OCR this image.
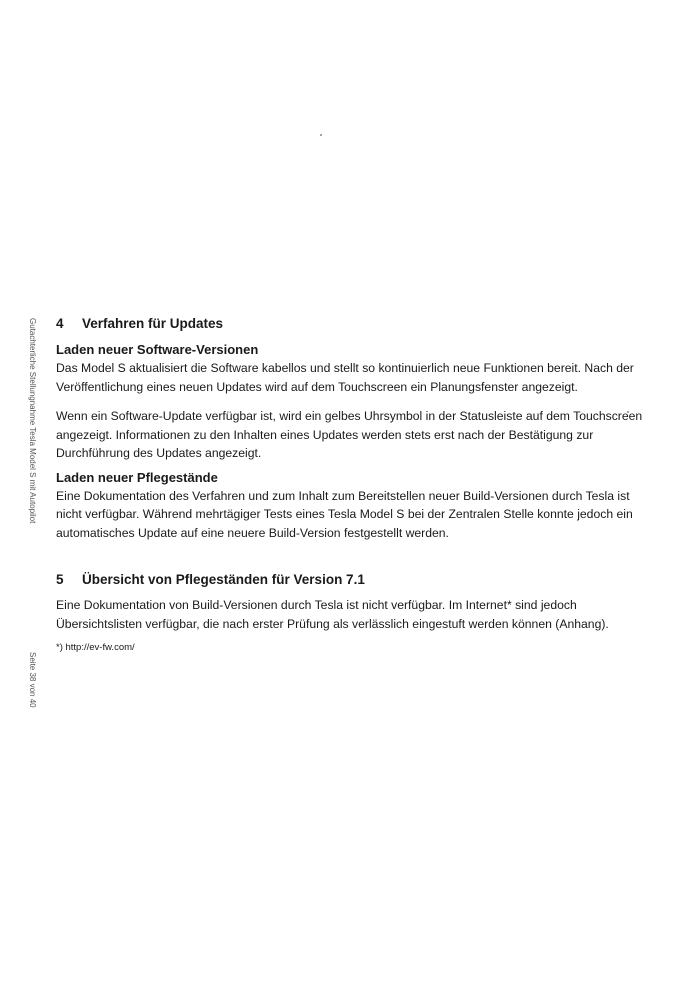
Gutachterliche Stellungnahme Tesla Model S mit Autopilot
Seite 38 von 40
4	Verfahren für Updates
Laden neuer Software-Versionen

Das Model S aktualisiert die Software kabellos und stellt so kontinuierlich neue Funktionen bereit. Nach der Veröffentlichung eines neuen Updates wird auf dem Touchscreen ein Planungsfenster angezeigt.

Wenn ein Software-Update verfügbar ist, wird ein gelbes Uhrsymbol in der Statusleiste auf dem Touchscreen angezeigt. Informationen zu den Inhalten eines Updates werden stets erst nach der Bestätigung zur Durchführung des Updates angezeigt.

Laden neuer Pflegestände

Eine Dokumentation des Verfahren und zum Inhalt zum Bereitstellen neuer Build-Versionen durch Tesla ist nicht verfügbar. Während mehrtägiger Tests eines Tesla Model S bei der Zentralen Stelle konnte jedoch ein automatisches Update auf eine neuere Build-Version festgestellt werden.

5	Übersicht von Pflegeständen für Version 7.1

Eine Dokumentation von Build-Versionen durch Tesla ist nicht verfügbar. Im Internet* sind jedoch Übersichtslisten verfügbar, die nach erster Prüfung als verlässlich eingestuft werden können (Anhang).

*) http://ev-fw.com/
